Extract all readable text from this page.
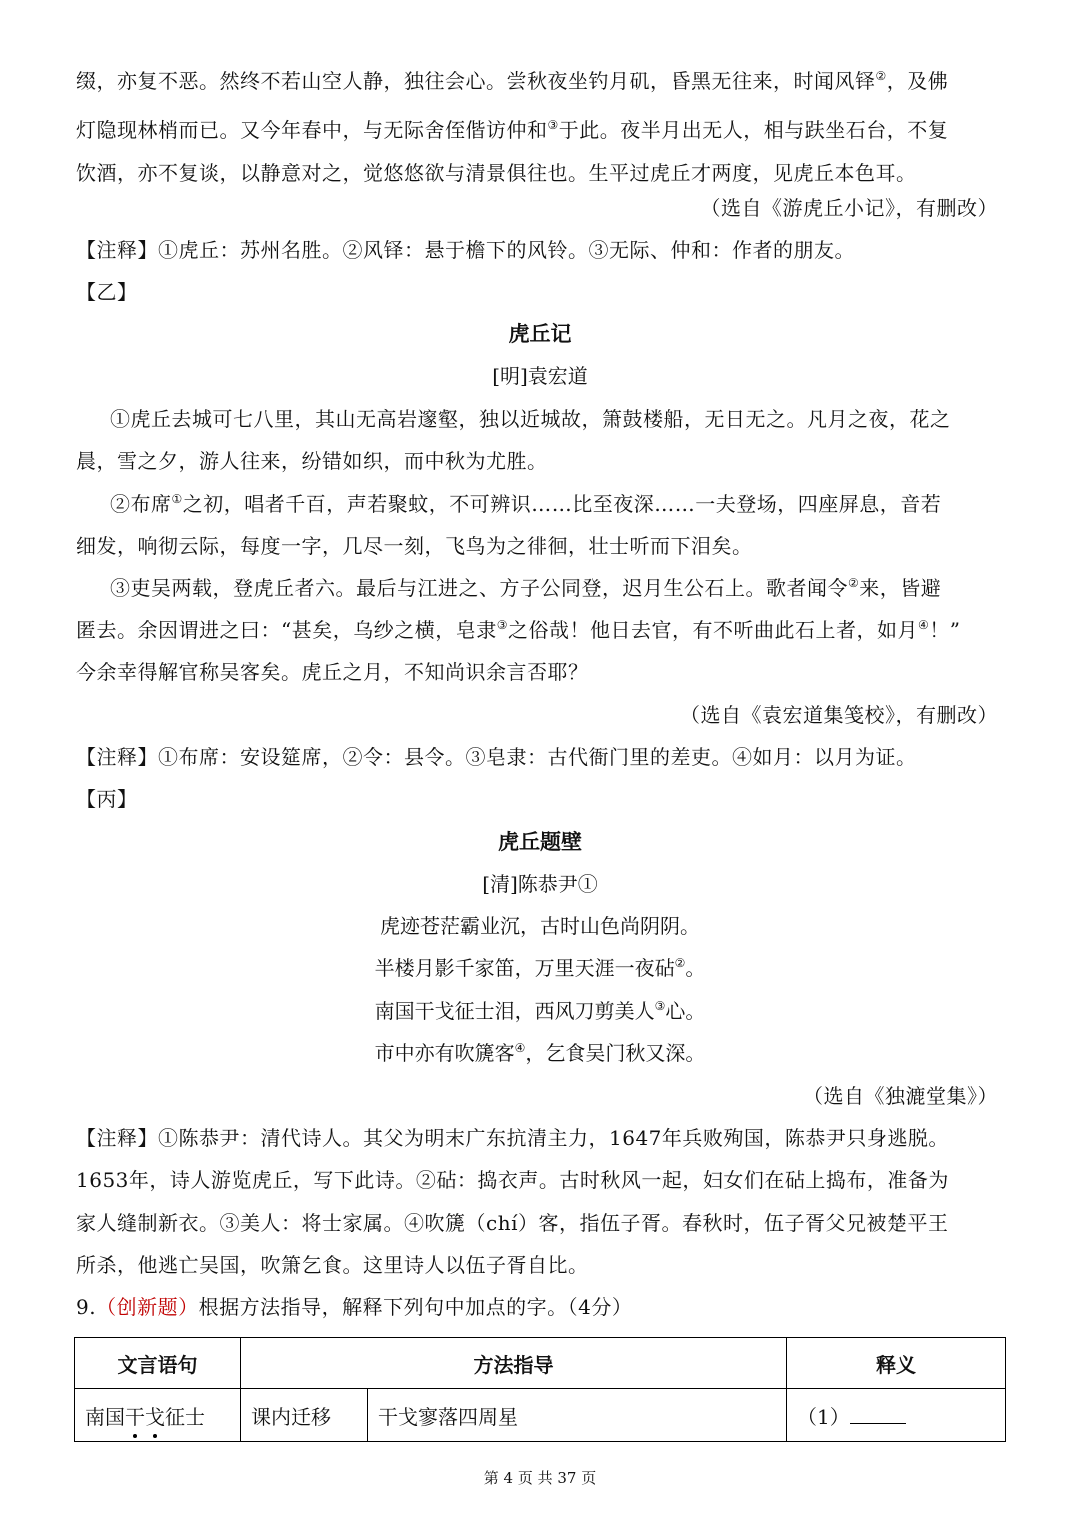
缀，亦复不恶。然终不若山空人静，独往会心。尝秋夜坐钓月矶，昏黑无往来，时闻风铎②，及佛
灯隐现林梢而已。又今年春中，与无际舍侄偕访仲和③于此。夜半月出无人，相与趺坐石台，不复
饮酒，亦不复谈，以静意对之，觉悠悠欲与清景俱往也。生平过虎丘才两度，见虎丘本色耳。
（选自《游虎丘小记》，有删改）
【注释】①虎丘：苏州名胜。②风铎：悬于檐下的风铃。③无际、仲和：作者的朋友。
【乙】
虎丘记
[明]袁宏道
①虎丘去城可七八里，其山无高岩邃壑，独以近城故，箫鼓楼船，无日无之。凡月之夜，花之
晨，雪之夕，游人往来，纷错如织，而中秋为尤胜。
②布席①之初，唱者千百，声若聚蚊，不可辨识……比至夜深……一夫登场，四座屏息，音若
细发，响彻云际，每度一字，几尽一刻，飞鸟为之徘徊，壮士听而下泪矣。
③吏吴两载，登虎丘者六。最后与江进之、方子公同登，迟月生公石上。歌者闻令②来，皆避
匿去。余因谓进之曰：“甚矣，乌纱之横，皂隶③之俗哉！他日去官，有不听曲此石上者，如月④！”
今余幸得解官称吴客矣。虎丘之月，不知尚识余言否耶？
（选自《袁宏道集笺校》，有删改）
【注释】①布席：安设筵席，②令：县令。③皂隶：古代衙门里的差吏。④如月：以月为证。
【丙】
虎丘题壁
[清]陈恭尹①
虎迹苍茫霸业沉，古时山色尚阴阴。
半楼月影千家笛，万里天涯一夜砧②。
南国干戈征士泪，西风刀剪美人③心。
市中亦有吹篪客④，乞食吴门秋又深。
（选自《独漉堂集》）
【注释】①陈恭尹：清代诗人。其父为明末广东抗清主力，1647年兵败殉国，陈恭尹只身逃脱。
1653年，诗人游览虎丘，写下此诗。②砧：捣衣声。古时秋风一起，妇女们在砧上捣布，准备为
家人缝制新衣。③美人：将士家属。④吹篪（chí）客，指伍子胥。春秋时，伍子胥父兄被楚平王
所杀，他逃亡吴国，吹箫乞食。这里诗人以伍子胥自比。
9.（创新题）根据方法指导，解释下列句中加点的字。（4分）
文言语句	方法指导		释义
南国干戈征士	课内迁移	干戈寥落四周星	（1）
第 4 页 共 37 页
